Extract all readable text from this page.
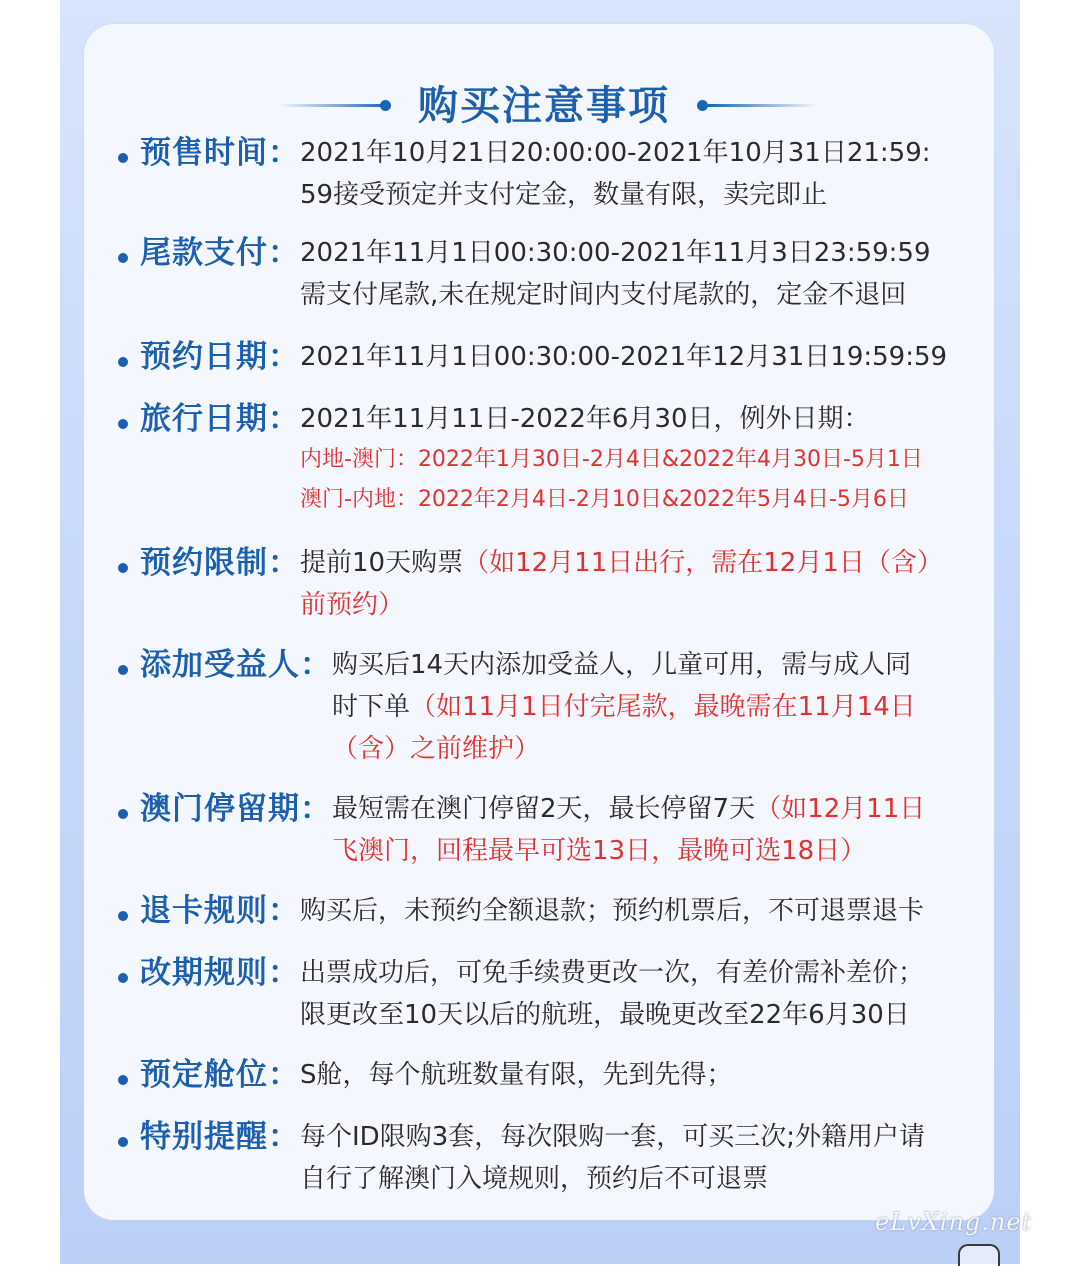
购买注意事项
预售时间： 2021年10月21日20:00:00-2021年10月31日21:59:
59接受预定并支付定金，数量有限，卖完即止
尾款支付： 2021年11月1日00:30:00-2021年11月3日23:59:59
需支付尾款,未在规定时间内支付尾款的，定金不退回
预约日期： 2021年11月1日00:30:00-2021年12月31日19:59:59
旅行日期： 2021年11月11日-2022年6月30日，例外日期：
内地-澳门：2022年1月30日-2月4日&2022年4月30日-5月1日
澳门-内地：2022年2月4日-2月10日&2022年5月4日-5月6日
预约限制： 提前10天购票（如12月11日出行，需在12月1日（含）
前预约）
添加受益人： 购买后14天内添加受益人，儿童可用，需与成人同
时下单（如11月1日付完尾款，最晚需在11月14日
（含）之前维护）
澳门停留期： 最短需在澳门停留2天，最长停留7天（如12月11日
飞澳门，回程最早可选13日，最晚可选18日）
退卡规则： 购买后，未预约全额退款；预约机票后，不可退票退卡
改期规则： 出票成功后，可免手续费更改一次，有差价需补差价；
限更改至10天以后的航班，最晚更改至22年6月30日
预定舱位： S舱，每个航班数量有限，先到先得；
特别提醒： 每个ID限购3套，每次限购一套，可买三次;外籍用户请
自行了解澳门入境规则，预约后不可退票
eLvXing.net
